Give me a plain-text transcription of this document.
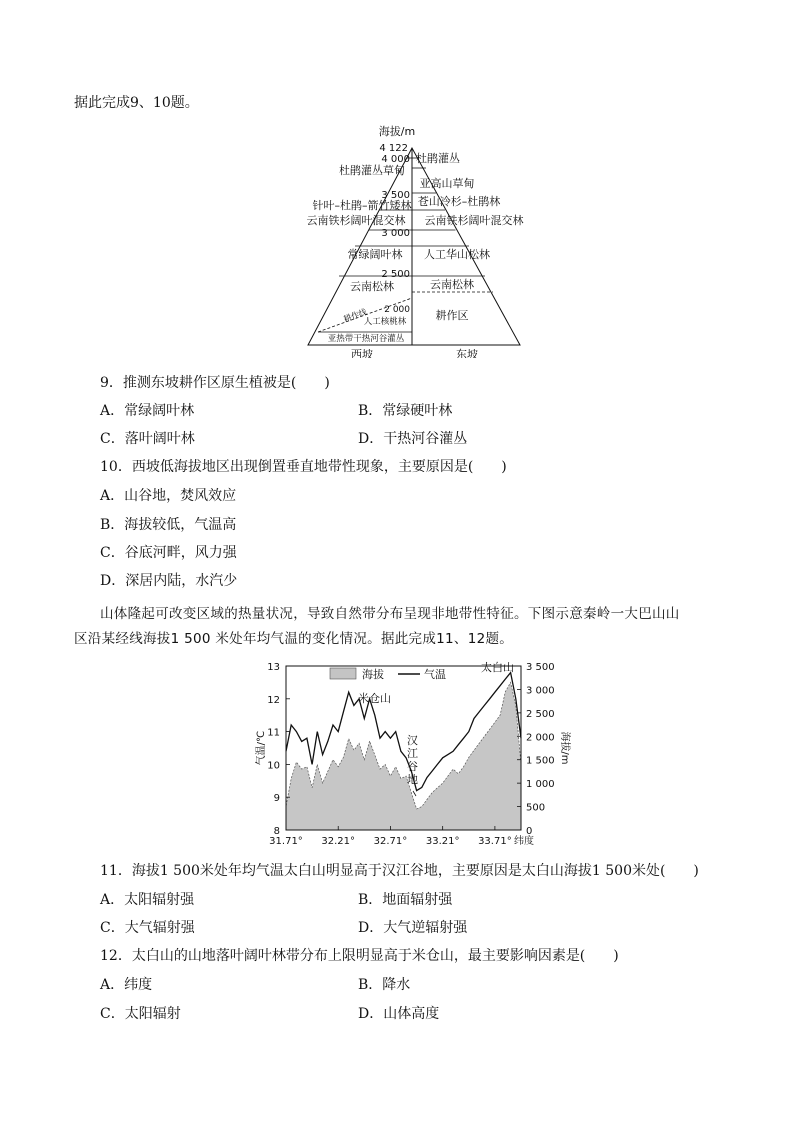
据此完成9、10题。
海拔/m
4 122
4 000
3 500
3 000
2 500
2 000
杜鹃灌丛草甸
针叶–杜鹃–箭竹矮林
云南铁杉阔叶混交林
常绿阔叶林
云南松林
耕作线
人工核桃林
亚热带干热河谷灌丛
杜鹃灌丛
亚高山草甸
苍山冷杉–杜鹃林
云南铁杉阔叶混交林
人工华山松林
云南松林
耕作区
西坡	东坡
9．推测东坡耕作区原生植被是(　　)
A．常绿阔叶林	B．常绿硬叶林
C．落叶阔叶林	D．干热河谷灌丛
10．西坡低海拔地区出现倒置垂直地带性现象，主要原因是(　　)
A．山谷地，焚风效应
B．海拔较低，气温高
C．谷底河畔，风力强
D．深居内陆，水汽少
山体隆起可改变区域的热量状况，导致自然带分布呈现非地带性特征。下图示意秦岭一大巴山山
区沿某经线海拔1 500 米处年均气温的变化情况。据此完成11、12题。
8
9
10
11
12
13
0
500
1 000
1 500
2 000
2 500
3 000
3 500
31.71° 32.21° 32.71° 33.21° 33.71°
海拔	气温
米仓山
太白山
汉江谷地
气温/℃	海拔/m
纬度
11．海拔1 500米处年均气温太白山明显高于汉江谷地，主要原因是太白山海拔1 500米处(　　)
A．太阳辐射强	B．地面辐射强
C．大气辐射强	D．大气逆辐射强
12．太白山的山地落叶阔叶林带分布上限明显高于米仓山，最主要影响因素是(　　)
A．纬度	B．降水
C．太阳辐射	D．山体高度
